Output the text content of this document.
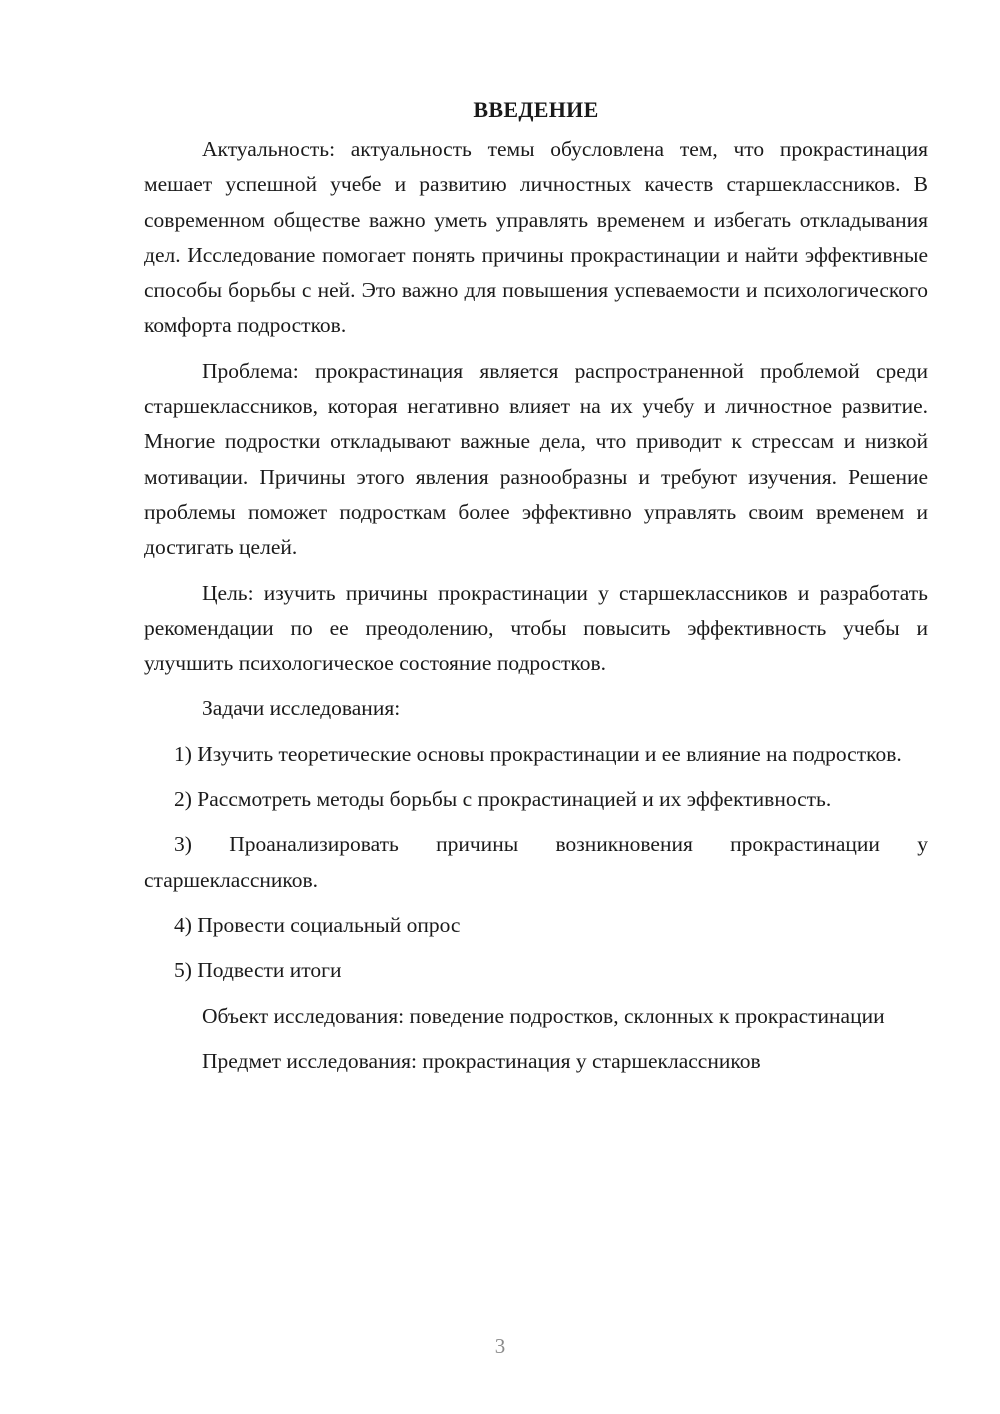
ВВЕДЕНИЕ

Актуальность: актуальность темы обусловлена тем, что прокрастинация мешает успешной учебе и развитию личностных качеств старшеклассников. В современном обществе важно уметь управлять временем и избегать откладывания дел. Исследование помогает понять причины прокрастинации и найти эффективные способы борьбы с ней. Это важно для повышения успеваемости и психологического комфорта подростков.

Проблема: прокрастинация является распространенной проблемой среди старшеклассников, которая негативно влияет на их учебу и личностное развитие. Многие подростки откладывают важные дела, что приводит к стрессам и низкой мотивации. Причины этого явления разнообразны и требуют изучения. Решение проблемы поможет подросткам более эффективно управлять своим временем и достигать целей.

Цель: изучить причины прокрастинации у старшеклассников и разработать рекомендации по ее преодолению, чтобы повысить эффективность учебы и улучшить психологическое состояние подростков.

Задачи исследования:

1) Изучить теоретические основы прокрастинации и ее влияние на подростков.

2) Рассмотреть методы борьбы с прокрастинацией и их эффективность.

3) Проанализировать причины возникновения прокрастинации у старшеклассников.

4) Провести социальный опрос

5) Подвести итоги

Объект исследования: поведение подростков, склонных к прокрастинации

Предмет исследования: прокрастинация у старшеклассников

3
